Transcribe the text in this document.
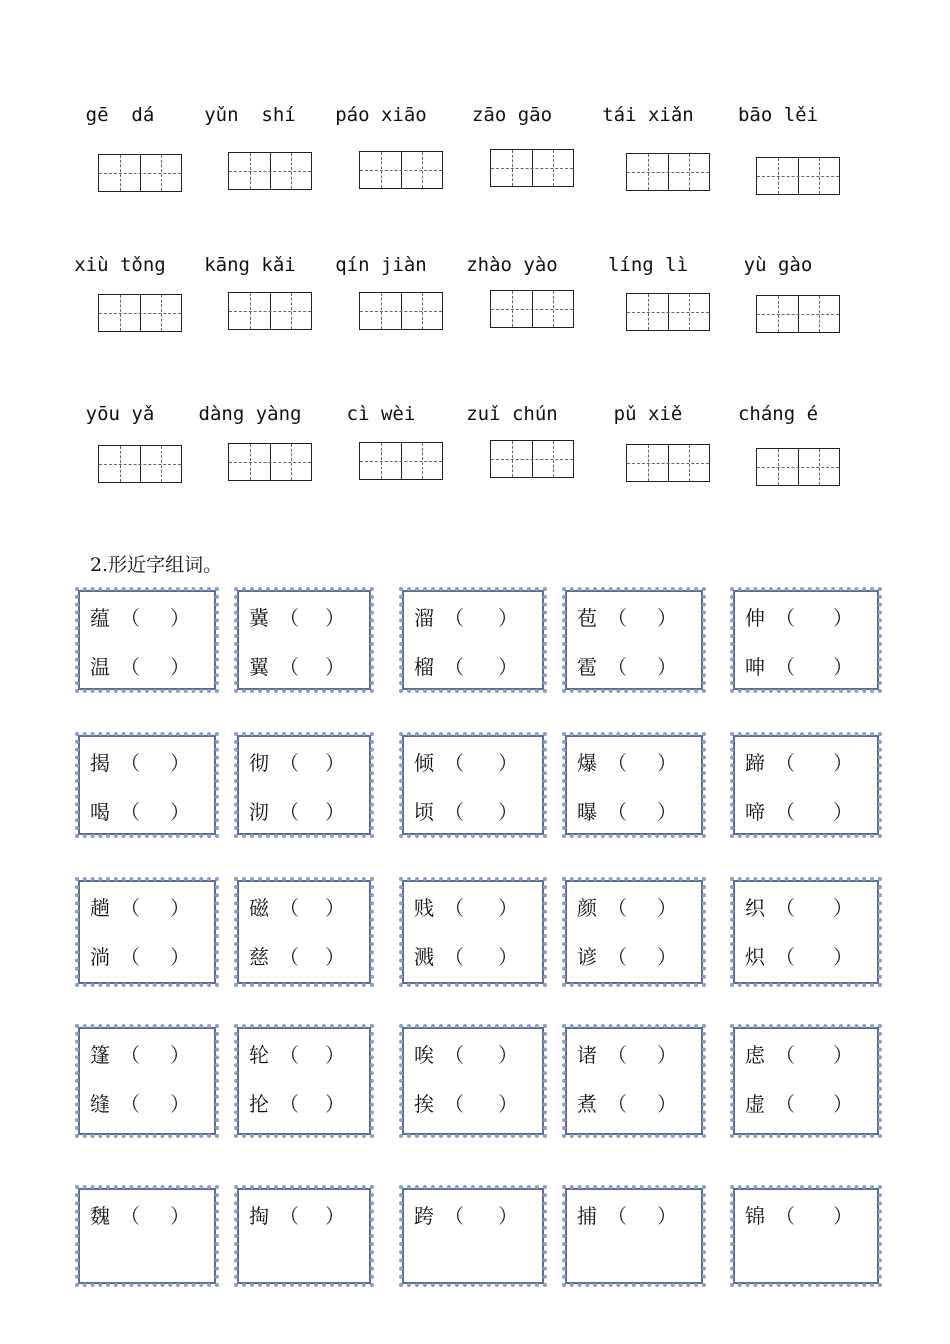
gē  dá	yǔn  shí	páo xiāo	zāo gāo	tái xiǎn	bāo lěi
xiù tǒng	kāng kǎi	qín jiàn	zhào yào	líng lì	yù gào
yōu yǎ	dàng yàng	cì wèi	zuǐ chún	pǔ xiě	cháng é
2.形近字组词。
蕴 （ ）
温 （ ）
冀 （ ）
翼 （ ）
溜 （ ）
榴 （ ）
苞 （ ）
雹 （ ）
伸 （ ）
呻 （ ）
揭 （ ）
喝 （ ）
彻 （ ）
沏 （ ）
倾 （ ）
顷 （ ）
爆 （ ）
曝 （ ）
蹄 （ ）
啼 （ ）
趟 （ ）
淌 （ ）
磁 （ ）
慈 （ ）
贱 （ ）
溅 （ ）
颜 （ ）
谚 （ ）
织 （ ）
炽 （ ）
篷 （ ）
缝 （ ）
轮 （ ）
抡 （ ）
唉 （ ）
挨 （ ）
诸 （ ）
煮 （ ）
虑 （ ）
虚 （ ）
魏 （ ）	掏 （ ）	跨 （ ）	捕 （ ）	锦 （ ）
